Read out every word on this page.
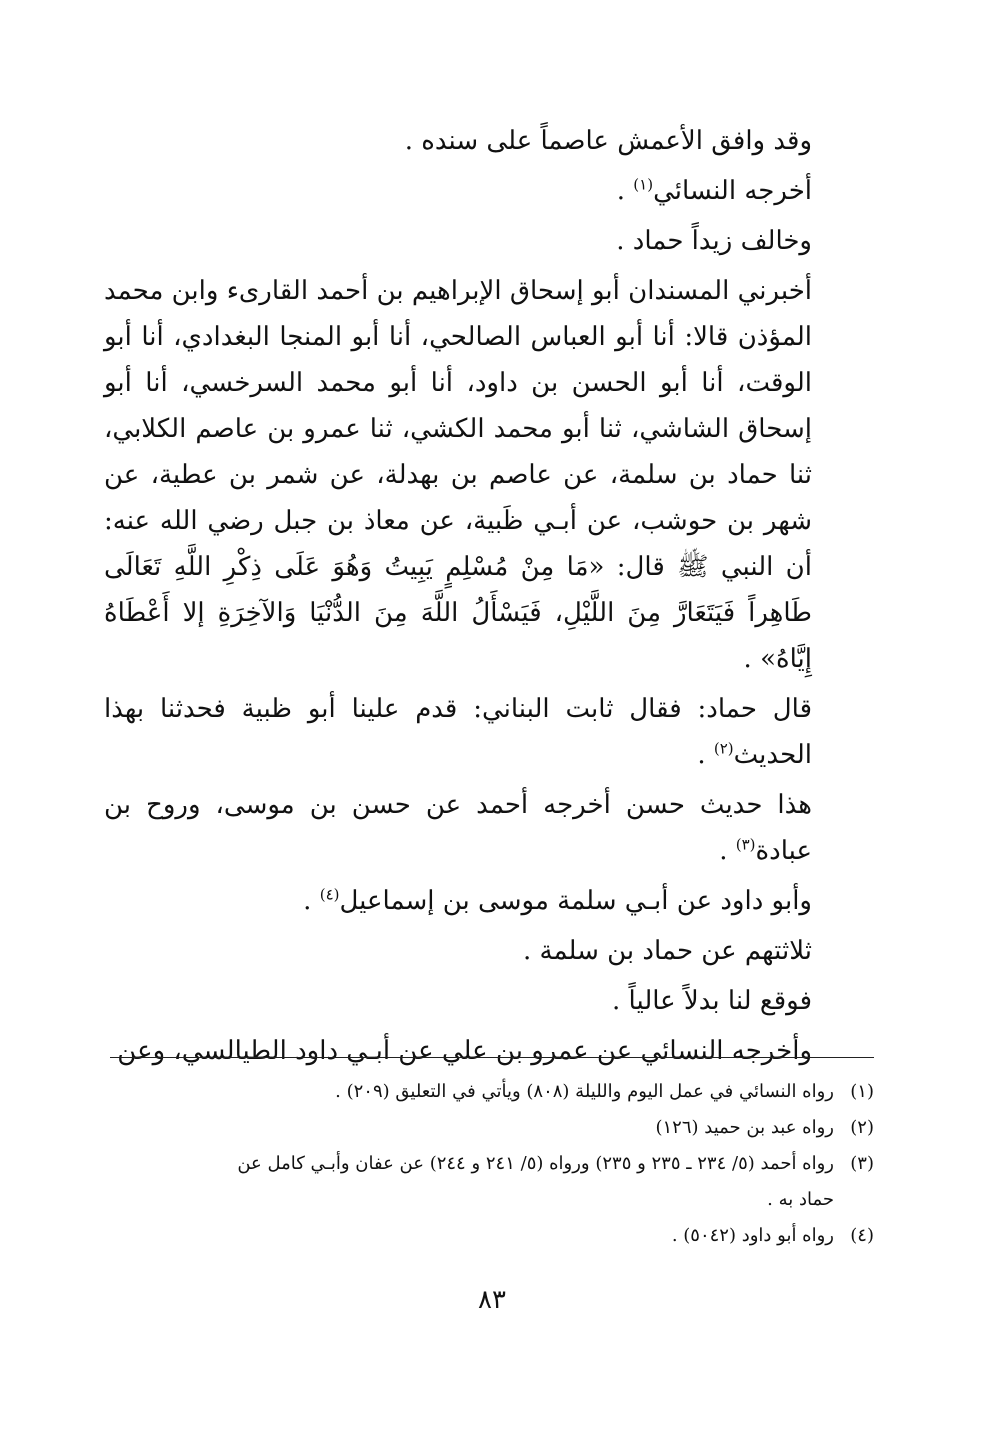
وقد وافق الأعمش عاصماً على سنده .

أخرجه النسائي$^{(١)}$ .

وخالف زيداً حماد .

أخبرني المسندان أبو إسحاق الإبراهيم بن أحمد القارىء وابن محمد المؤذن قالا: أنا أبو العباس الصالحي، أنا أبو المنجا البغدادي، أنا أبو الوقت، أنا أبو الحسن بن داود، أنا أبو محمد السرخسي، أنا أبو إسحاق الشاشي، ثنا أبو محمد الكشي، ثنا عمرو بن عاصم الكلابي، ثنا حماد بن سلمة، عن عاصم بن بهدلة، عن شمر بن عطية، عن شهر بن حوشب، عن أبـي ظَبية، عن معاذ بن جبل رضي الله عنه: أن النبي ﷺ قال: «مَا مِنْ مُسْلِمٍ يَبِيتُ وَهُوَ عَلَى ذِكْرِ اللَّهِ تَعَالَى طَاهِراً فَيَتَعَارَّ مِنَ اللَّيْلِ، فَيَسْأَلُ اللَّهَ مِنَ الدُّنْيَا وَالآخِرَةِ إلا أَعْطَاهُ إِيَّاهُ» .

قال حماد: فقال ثابت البناني: قدم علينا أبو ظبية فحدثنا بهذا الحديث$^{(٢)}$ .

هذا حديث حسن أخرجه أحمد عن حسن بن موسى، وروح بن عبادة$^{(٣)}$ .

وأبو داود عن أبـي سلمة موسى بن إسماعيل$^{(٤)}$ .

ثلاثتهم عن حماد بن سلمة .

فوقع لنا بدلاً عالياً .

وأخرجه النسائي عن عمرو بن علي عن أبـي داود الطيالسي، وعن

(١)رواه النسائي في عمل اليوم والليلة (٨٠٨) ويأتي في التعليق (٢٠٩) .

(٢)رواه عبد بن حميد (١٢٦)

(٣)رواه أحمد (٥/ ٢٣٤ ـ ٢٣٥ و ٢٣٥) ورواه (٥/ ٢٤١ و ٢٤٤) عن عفان وأبـي كامل عن

حماد به .

(٤)رواه أبو داود (٥٠٤٢) .

٨٣
